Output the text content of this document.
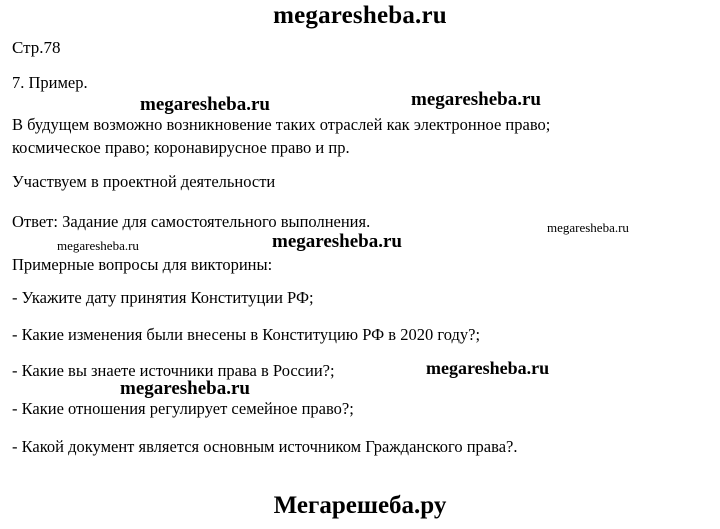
megaresheba.ru
Стр.78
7. Пример.
В будущем возможно возникновение таких отраслей как электронное право;
космическое право; коронавирусное право и пр.
Участвуем в проектной деятельности
Ответ: Задание для самостоятельного выполнения.
Примерные вопросы для викторины:
- Укажите дату принятия Конституции РФ;
- Какие изменения были внесены в Конституцию РФ в 2020 году?;
- Какие вы знаете источники права в России?;
- Какие отношения регулирует семейное право?;
- Какой документ является основным источником Гражданского права?.
megaresheba.ru	megaresheba.ru
megaresheba.ru
megaresheba.ru	megaresheba.ru
megaresheba.ru
megaresheba.ru
Мегарешеба.ру
